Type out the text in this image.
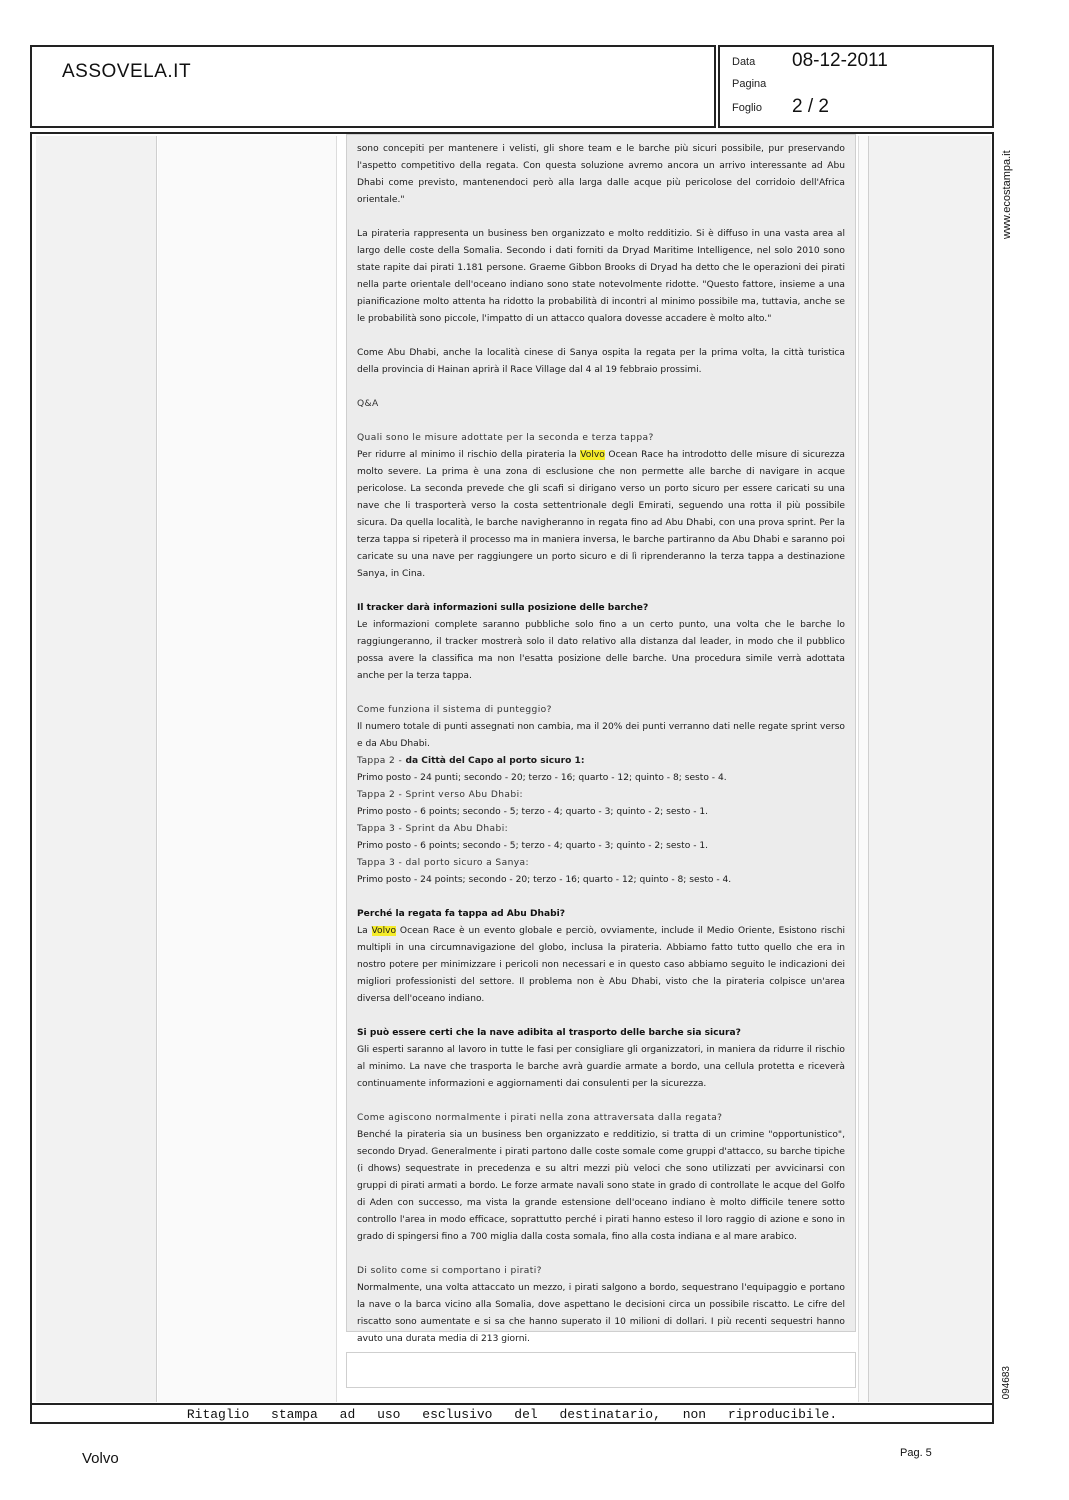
ASSOVELA.IT	Data 08-12-2011
Pagina
Foglio 2 / 2

sono concepiti per mantenere i velisti, gli shore team e le barche più sicuri possibile, pur preservando l'aspetto competitivo della regata. Con questa soluzione avremo ancora un arrivo interessante ad Abu Dhabi come previsto, mantenendoci però alla larga dalle acque più pericolose del corridoio dell'Africa orientale."

La pirateria rappresenta un business ben organizzato e molto redditizio. Si è diffuso in una vasta area al largo delle coste della Somalia. Secondo i dati forniti da Dryad Maritime Intelligence, nel solo 2010 sono state rapite dai pirati 1.181 persone. Graeme Gibbon Brooks di Dryad ha detto che le operazioni dei pirati nella parte orientale dell'oceano indiano sono state notevolmente ridotte. "Questo fattore, insieme a una pianificazione molto attenta ha ridotto la probabilità di incontri al minimo possibile ma, tuttavia, anche se le probabilità sono piccole, l'impatto di un attacco qualora dovesse accadere è molto alto."

Come Abu Dhabi, anche la località cinese di Sanya ospita la regata per la prima volta, la città turistica della provincia di Hainan aprirà il Race Village dal 4 al 19 febbraio prossimi.

Q&A

Quali sono le misure adottate per la seconda e terza tappa?
Per ridurre al minimo il rischio della pirateria la Volvo Ocean Race ha introdotto delle misure di sicurezza molto severe. La prima è una zona di esclusione che non permette alle barche di navigare in acque pericolose. La seconda prevede che gli scafi si dirigano verso un porto sicuro per essere caricati su una nave che li trasporterà verso la costa settentrionale degli Emirati, seguendo una rotta il più possibile sicura. Da quella località, le barche navigheranno in regata fino ad Abu Dhabi, con una prova sprint. Per la terza tappa si ripeterà il processo ma in maniera inversa, le barche partiranno da Abu Dhabi e saranno poi caricate su una nave per raggiungere un porto sicuro e di lì riprenderanno la terza tappa a destinazione Sanya, in Cina.

Il tracker darà informazioni sulla posizione delle barche?
Le informazioni complete saranno pubbliche solo fino a un certo punto, una volta che le barche lo raggiungeranno, il tracker mostrerà solo il dato relativo alla distanza dal leader, in modo che il pubblico possa avere la classifica ma non l'esatta posizione delle barche. Una procedura simile verrà adottata anche per la terza tappa.

Come funziona il sistema di punteggio?
Il numero totale di punti assegnati non cambia, ma il 20% dei punti verranno dati nelle regate sprint verso e da Abu Dhabi.
Tappa 2 - da Città del Capo al porto sicuro 1:
Primo posto - 24 punti; secondo - 20; terzo - 16; quarto - 12; quinto - 8; sesto - 4.
Tappa 2 - Sprint verso Abu Dhabi:
Primo posto - 6 points; secondo - 5; terzo - 4; quarto - 3; quinto - 2; sesto - 1.
Tappa 3 - Sprint da Abu Dhabi:
Primo posto - 6 points; secondo - 5; terzo - 4; quarto - 3; quinto - 2; sesto - 1.
Tappa 3 - dal porto sicuro a Sanya:
Primo posto - 24 points; secondo - 20; terzo - 16; quarto - 12; quinto - 8; sesto - 4.

Perché la regata fa tappa ad Abu Dhabi?
La Volvo Ocean Race è un evento globale e perciò, ovviamente, include il Medio Oriente, Esistono rischi multipli in una circumnavigazione del globo, inclusa la pirateria. Abbiamo fatto tutto quello che era in nostro potere per minimizzare i pericoli non necessari e in questo caso abbiamo seguito le indicazioni dei migliori professionisti del settore. Il problema non è Abu Dhabi, visto che la pirateria colpisce un'area diversa dell'oceano indiano.

Si può essere certi che la nave adibita al trasporto delle barche sia sicura?
Gli esperti saranno al lavoro in tutte le fasi per consigliare gli organizzatori, in maniera da ridurre il rischio al minimo. La nave che trasporta le barche avrà guardie armate a bordo, una cellula protetta e riceverà continuamente informazioni e aggiornamenti dai consulenti per la sicurezza.

Come agiscono normalmente i pirati nella zona attraversata dalla regata?
Benché la pirateria sia un business ben organizzato e redditizio, si tratta di un crimine "opportunistico", secondo Dryad. Generalmente i pirati partono dalle coste somale come gruppi d'attacco, su barche tipiche (i dhows) sequestrate in precedenza e su altri mezzi più veloci che sono utilizzati per avvicinarsi con gruppi di pirati armati a bordo. Le forze armate navali sono state in grado di controllate le acque del Golfo di Aden con successo, ma vista la grande estensione dell'oceano indiano è molto difficile tenere sotto controllo l'area in modo efficace, soprattutto perché i pirati hanno esteso il loro raggio di azione e sono in grado di spingersi fino a 700 miglia dalla costa somala, fino alla costa indiana e al mare arabico.

Di solito come si comportano i pirati?
Normalmente, una volta attaccato un mezzo, i pirati salgono a bordo, sequestrano l'equipaggio e portano la nave o la barca vicino alla Somalia, dove aspettano le decisioni circa un possibile riscatto. Le cifre del riscatto sono aumentate e si sa che hanno superato il 10 milioni di dollari. I più recenti sequestri hanno avuto una durata media di 213 giorni.

Ritaglio stampa ad uso esclusivo del destinatario, non riproducibile.
www.ecostampa.it
094683
Volvo	Pag. 5
